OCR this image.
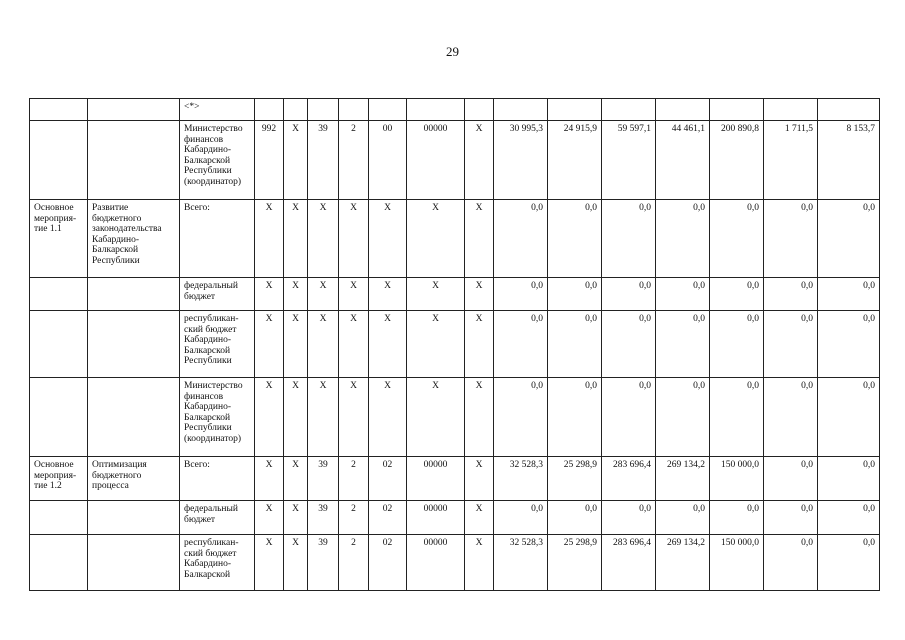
29
		<*>														
		Министерство финансов Кабардино-Балкарской Республики (координатор)	992	X	39	2	00	00000	X	30 995,3	24 915,9	59 597,1	44 461,1	200 890,8	1 711,5	8 153,7
Основное мероприя-тие 1.1	Развитие бюджетного законодательства Кабардино-Балкарской Республики	Всего:	X	X	X	X	X	X	X	0,0	0,0	0,0	0,0	0,0	0,0	0,0
		федеральный бюджет	X	X	X	X	X	X	X	0,0	0,0	0,0	0,0	0,0	0,0	0,0
		республикан-ский бюджет Кабардино-Балкарской Республики	X	X	X	X	X	X	X	0,0	0,0	0,0	0,0	0,0	0,0	0,0
		Министерство финансов Кабардино-Балкарской Республики (координатор)	X	X	X	X	X	X	X	0,0	0,0	0,0	0,0	0,0	0,0	0,0
Основное мероприя-тие 1.2	Оптимизация бюджетного процесса	Всего:	X	X	39	2	02	00000	X	32 528,3	25 298,9	283 696,4	269 134,2	150 000,0	0,0	0,0
		федеральный бюджет	X	X	39	2	02	00000	X	0,0	0,0	0,0	0,0	0,0	0,0	0,0
		республикан-ский бюджет Кабардино-Балкарской	X	X	39	2	02	00000	X	32 528,3	25 298,9	283 696,4	269 134,2	150 000,0	0,0	0,0
